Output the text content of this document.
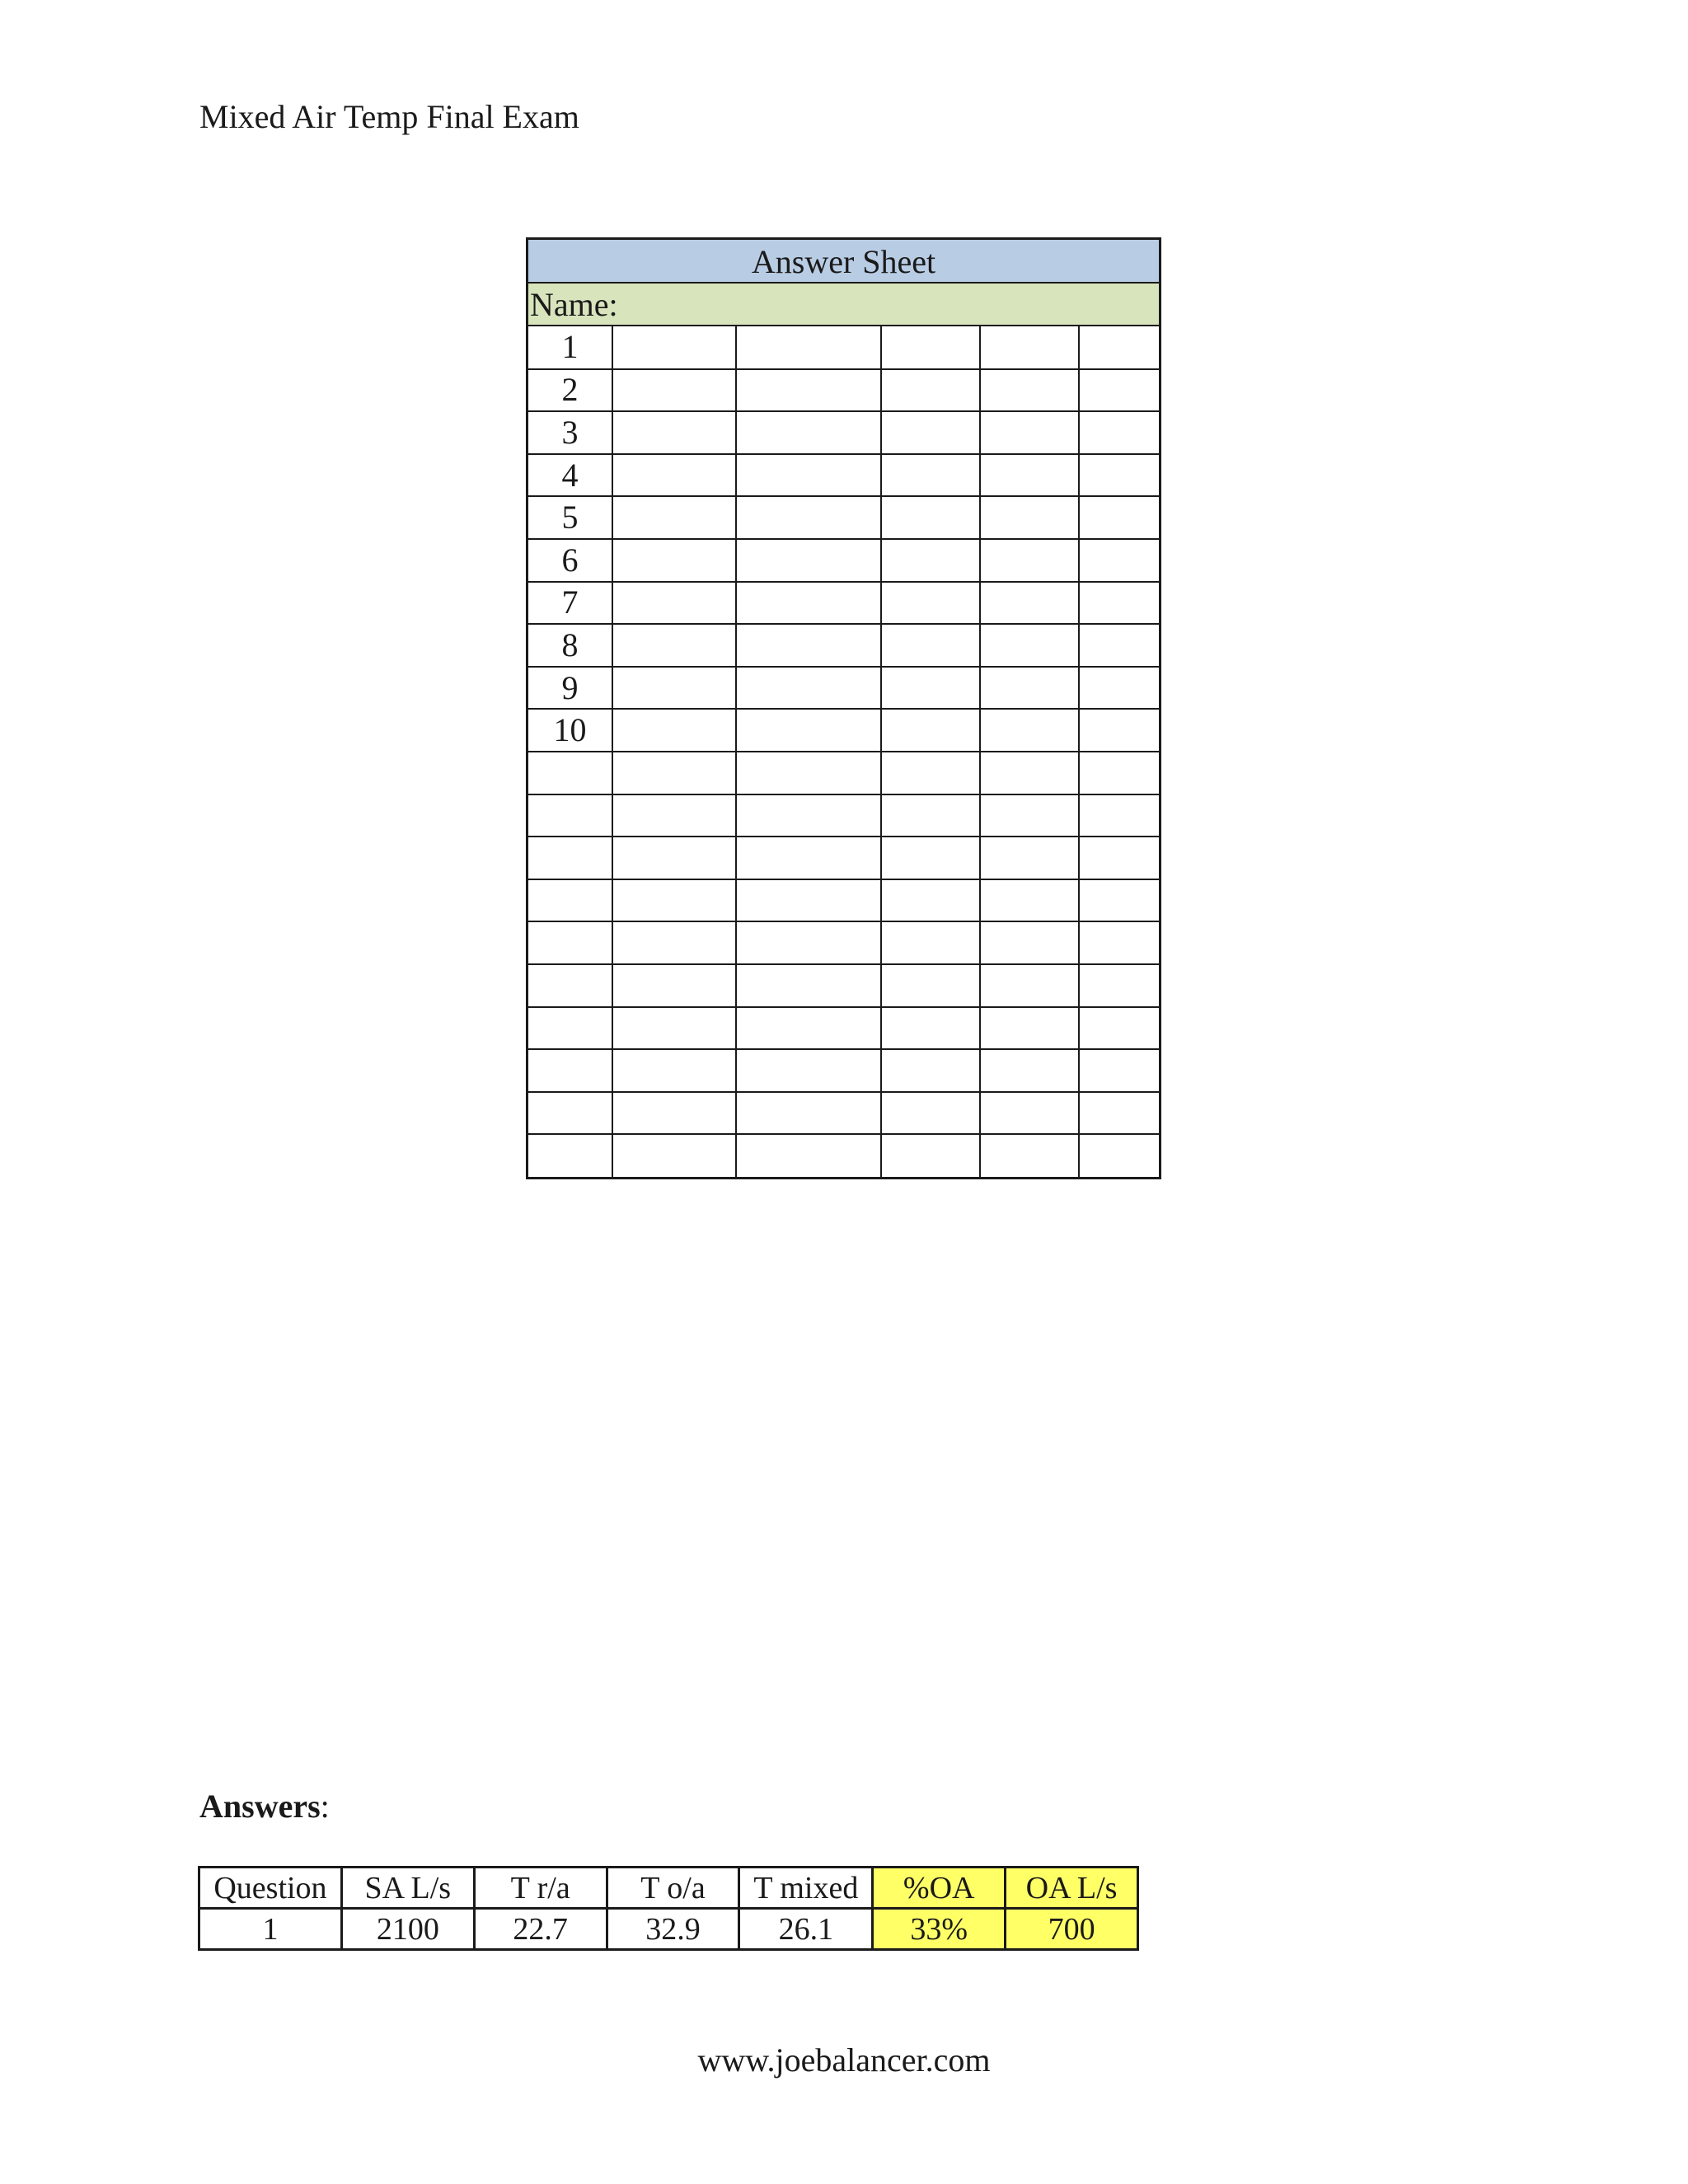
Mixed Air Temp Final Exam
Answer Sheet
Name:
1					
2					
3					
4					
5					
6					
7					
8					
9					
10					

Answers:
Question	SA L/s	T r/a	T o/a	T mixed	%OA	OA L/s
1	2100	22.7	32.9	26.1	33%	700
www.joebalancer.com
